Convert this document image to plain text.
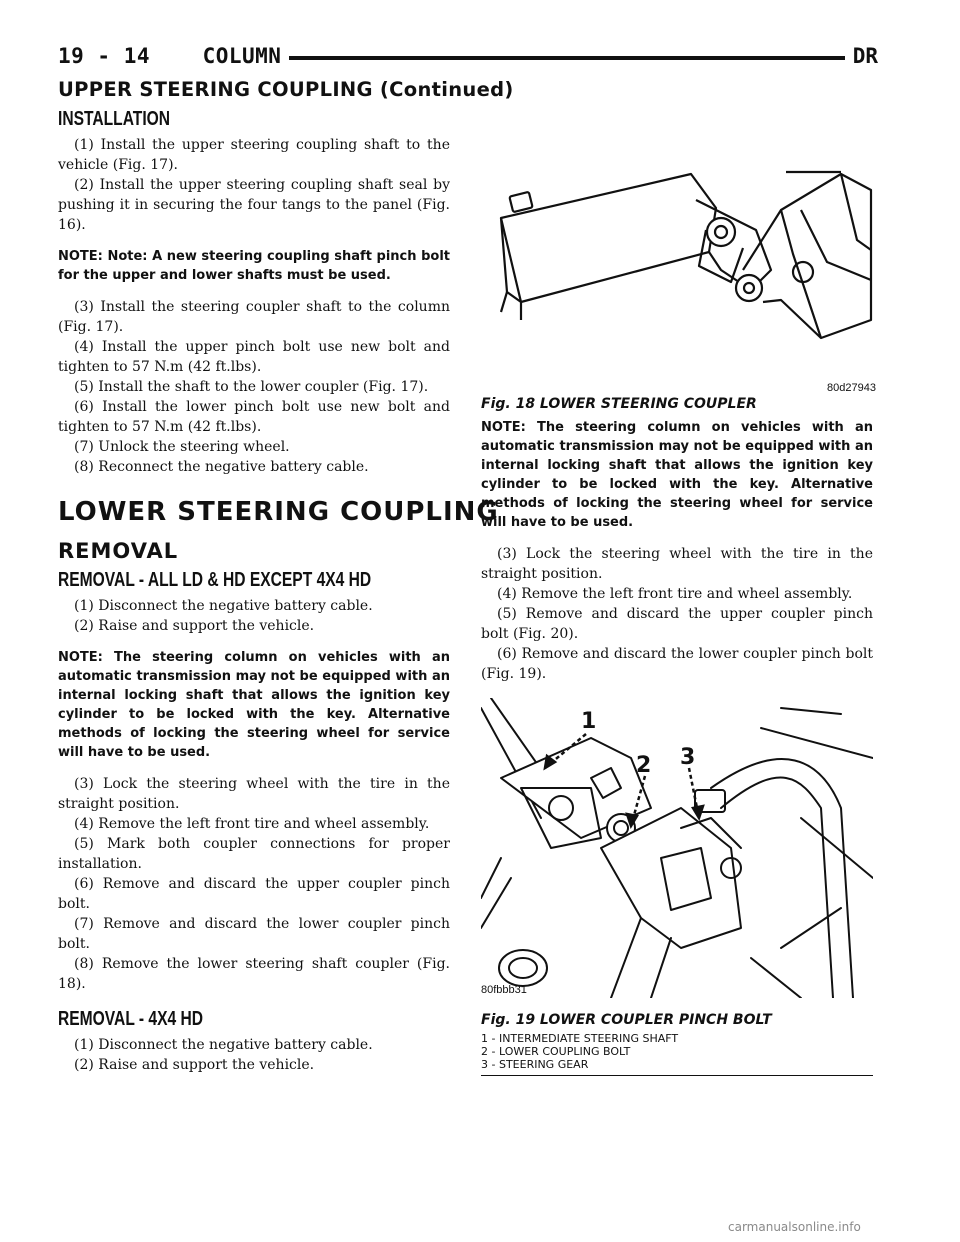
19 - 14    COLUMN	DR
UPPER STEERING COUPLING (Continued)
INSTALLATION

(1) Install the upper steering coupling shaft to the vehicle (Fig. 17).

(2) Install the upper steering coupling shaft seal by pushing it in securing the four tangs to the panel (Fig. 16).

NOTE: Note: A new steering coupling shaft pinch bolt for the upper and lower shafts must be used.

(3) Install the steering coupler shaft to the column (Fig. 17).

(4) Install the upper pinch bolt use new bolt and tighten to 57 N.m (42 ft.lbs).

(5) Install the shaft to the lower coupler (Fig. 17).

(6) Install the lower pinch bolt use new bolt and tighten to 57 N.m (42 ft.lbs).

(7) Unlock the steering wheel.

(8) Reconnect the negative battery cable.

LOWER STEERING COUPLING
REMOVAL
REMOVAL - ALL LD & HD EXCEPT 4X4 HD

(1) Disconnect the negative battery cable.

(2) Raise and support the vehicle.

NOTE: The steering column on vehicles with an automatic transmission may not be equipped with an internal locking shaft that allows the ignition key cylinder to be locked with the key. Alternative methods of locking the steering wheel for service will have to be used.

(3) Lock the steering wheel with the tire in the straight position.

(4) Remove the left front tire and wheel assembly.

(5) Mark both coupler connections for proper installation.

(6) Remove and discard the upper coupler pinch bolt.

(7) Remove and discard the lower coupler pinch bolt.

(8) Remove the lower steering shaft coupler (Fig. 18).

REMOVAL - 4X4 HD

(1) Disconnect the negative battery cable.

(2) Raise and support the vehicle.

80d27943
Fig. 18 LOWER STEERING COUPLER

NOTE: The steering column on vehicles with an automatic transmission may not be equipped with an internal locking shaft that allows the ignition key cylinder to be locked with the key. Alternative methods of locking the steering wheel for service will have to be used.

(3) Lock the steering wheel with the tire in the straight position.

(4) Remove the left front tire and wheel assembly.

(5) Remove and discard the upper coupler pinch bolt (Fig. 20).

(6) Remove and discard the lower coupler pinch bolt (Fig. 19).

1
2 3
80fbbb31
Fig. 19 LOWER COUPLER PINCH BOLT
1 - INTERMEDIATE STEERING SHAFT
2 - LOWER COUPLING BOLT
3 - STEERING GEAR
carmanualsonline.info
